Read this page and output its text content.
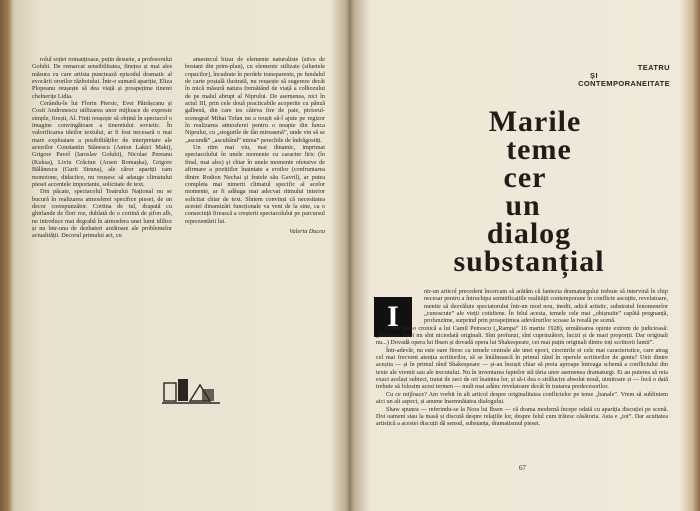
rolul soției romanțioase, puțin desuete, a profesorului Golubi. De remarcat sensibilitatea, finețea și mai ales măsura cu care artista punctează episodul dramatic al evocării ororilor războiului. Într-o sumară apariție, Eliza Plopeanu reușește să dea viață și prospețime tinerei chelnerițe Lidia.

Cerându-le lui Florin Piersic, Evei Pătrășcanu și Costi Andronescu utilizarea unor mijloace de expresie simple, firești, Al. Finți reușește să obțină în spectacol o imagine convingătoare a tineretului sovietic. În valorificarea ideilor textului, ar fi fost necesară o mai mare exploatare a posibilităților de interpretare ale actorilor Constantin Stănescu (Anton Lakici Maki), Grigore Pavel (Iaroslav Golubi), Nicolae Pereanu (Kuksa), Liviu Crăciun (Arsen Romașka), Grigore Bălănescu (Gurii Struna), ale căror apariții cam monotone, didactice, nu reușesc să adauge climatului piesei accentele importante, solicitate de text.

Din păcate, spectacolul Teatrului Național nu se bucură în realizarea atmosferei specifice piesei, de un decor corespunzător. Cortina de tul, drapată cu ghirlande de flori roz, dublată de o cortină de șifon alb, ne introduce mai degrabă în atmosfera unei lumi idilice și nu într-una de dezbateri arzătoare ale problemelor actualității. Decorul primului act, cu

amestecul bizar de elemente naturaliste (stiva de bostani din prim-plan), cu elemente stilizate (siluetele copacilor), încadrate în perdele transparente, pe fundalul de carte poștală ilustrată, nu reușește să sugereze decât în mică măsură natura fremătând de viață a colhozului de pe malul abrupt al Niprului. De asemenea, nici în actul III, prin cele două practicabile acoperite cu pânză galbenă, din care ies câteva fire de paie, pictorul-scenograf Mihai Tofan nu a reușit să-l ajute pe regizor în realizarea atmosferei pentru o noapte din lunca Niprului, cu „stogurile de fân mireasmă”, unde vin să se „ascundă” „ascultând” inima” perechile de îndrăgostiți.

Un ritm mai viu, mai dinamic, imprimat spectacolului în unele momente cu caracter liric (în final, mai ales) și chiar în unele momente ofensive de afirmare a pozițiilor înaintate a eroilor (confruntarea dintre Rodion Nechai și fratele său Gavril), ar putea completa mai nimerit climatul specific al acelor momente, ar fi adăuga mai adecvat ritmului interior solicitat chiar de text. Sîntem convinși că necesitatea acestei dinamizări funcționale va veni de la sine, ca o consecință firească a creșterii spectacolului pe parcursul reprezentării lui.

Valeria Ducea

TEATRU
ȘI
CONTEMPORANEITATE
Marile
teme
cer
un
dialog
substanțial
I

ntr-un articol precedent încercam să arătăm că fantezia dramaturgului trebuie să intervină în chip necesar pentru a întruchipa semnificațiile realității contemporane în conflicte ascuțite, revelatoare, menite să dezvăluie spectatorului într-un mod nou, inedit, adică artistic, substratul fenomenelor „cunoscute” ale vieții cotidiene. În felul acesta, temele cele mai „obișnuite” capătă pregnanță, profunzime, surprind prin prospețimea adevărurilor scoase la iveală pe scenă.

Citim într-o cronică a lui Camil Petrescu („Rampa” 16 martie 1928), următoarea opinie extrem de judicioasă: „Scriitorii mari nu sînt niciodată originali. Sînt profunzi, sînt cuprinzători, lucizi și de mari proporții. Dar originali nu...) Dovadă opera lui Ibsen și dovadă opera lui Shakespeare, cei mai puțin originali dintre toți scriitorii lumii”.

Într-adevăr, nu este oare firesc ca temele centrale ale unei epoci, ciocnirile ei cele mai caracteristice, care atrag cel mai frecvent atenția scriitorilor, să se întâlnească în primul rând în operele scriitorilor de geniu? Unii dintre aceștia — și în primul rând Shakespeare — și-au însușit chiar să preia aproape întreaga schemă a conflictului din texte ale vremii sau ale trecutului. Nu în inventarea faptelor stă tăria unor asemenea dramaturgi. Ei au puterea să reia exact același subiect, tratat de zeci de ori înaintea lor, și să-i dea o strălucire absolut nouă, uimitoare și — încă o dată trebuie să folosim acest termen — mult mai adânc revelatoare decât în tratarea predecesorilor.

Cu ce mijloace? Am vorbit în alt articol despre originalitatea conflictelor pe teme „banale”. Vrem să subliniem aici un alt aspect, și anume însemnătatea dialogului.

Shaw spunea — referindu-se la Nora lui Ibsen — că drama modernă începe odată cu apariția discuției pe scenă. Doi oameni stau la masă și discută despre relațiile lor, despre felul cum trăiesc căsătoria. Asta e „tot”. Dar acuitatea artistică a acestei discuții dă sensul, substanța, dramatismul piesei.

67
